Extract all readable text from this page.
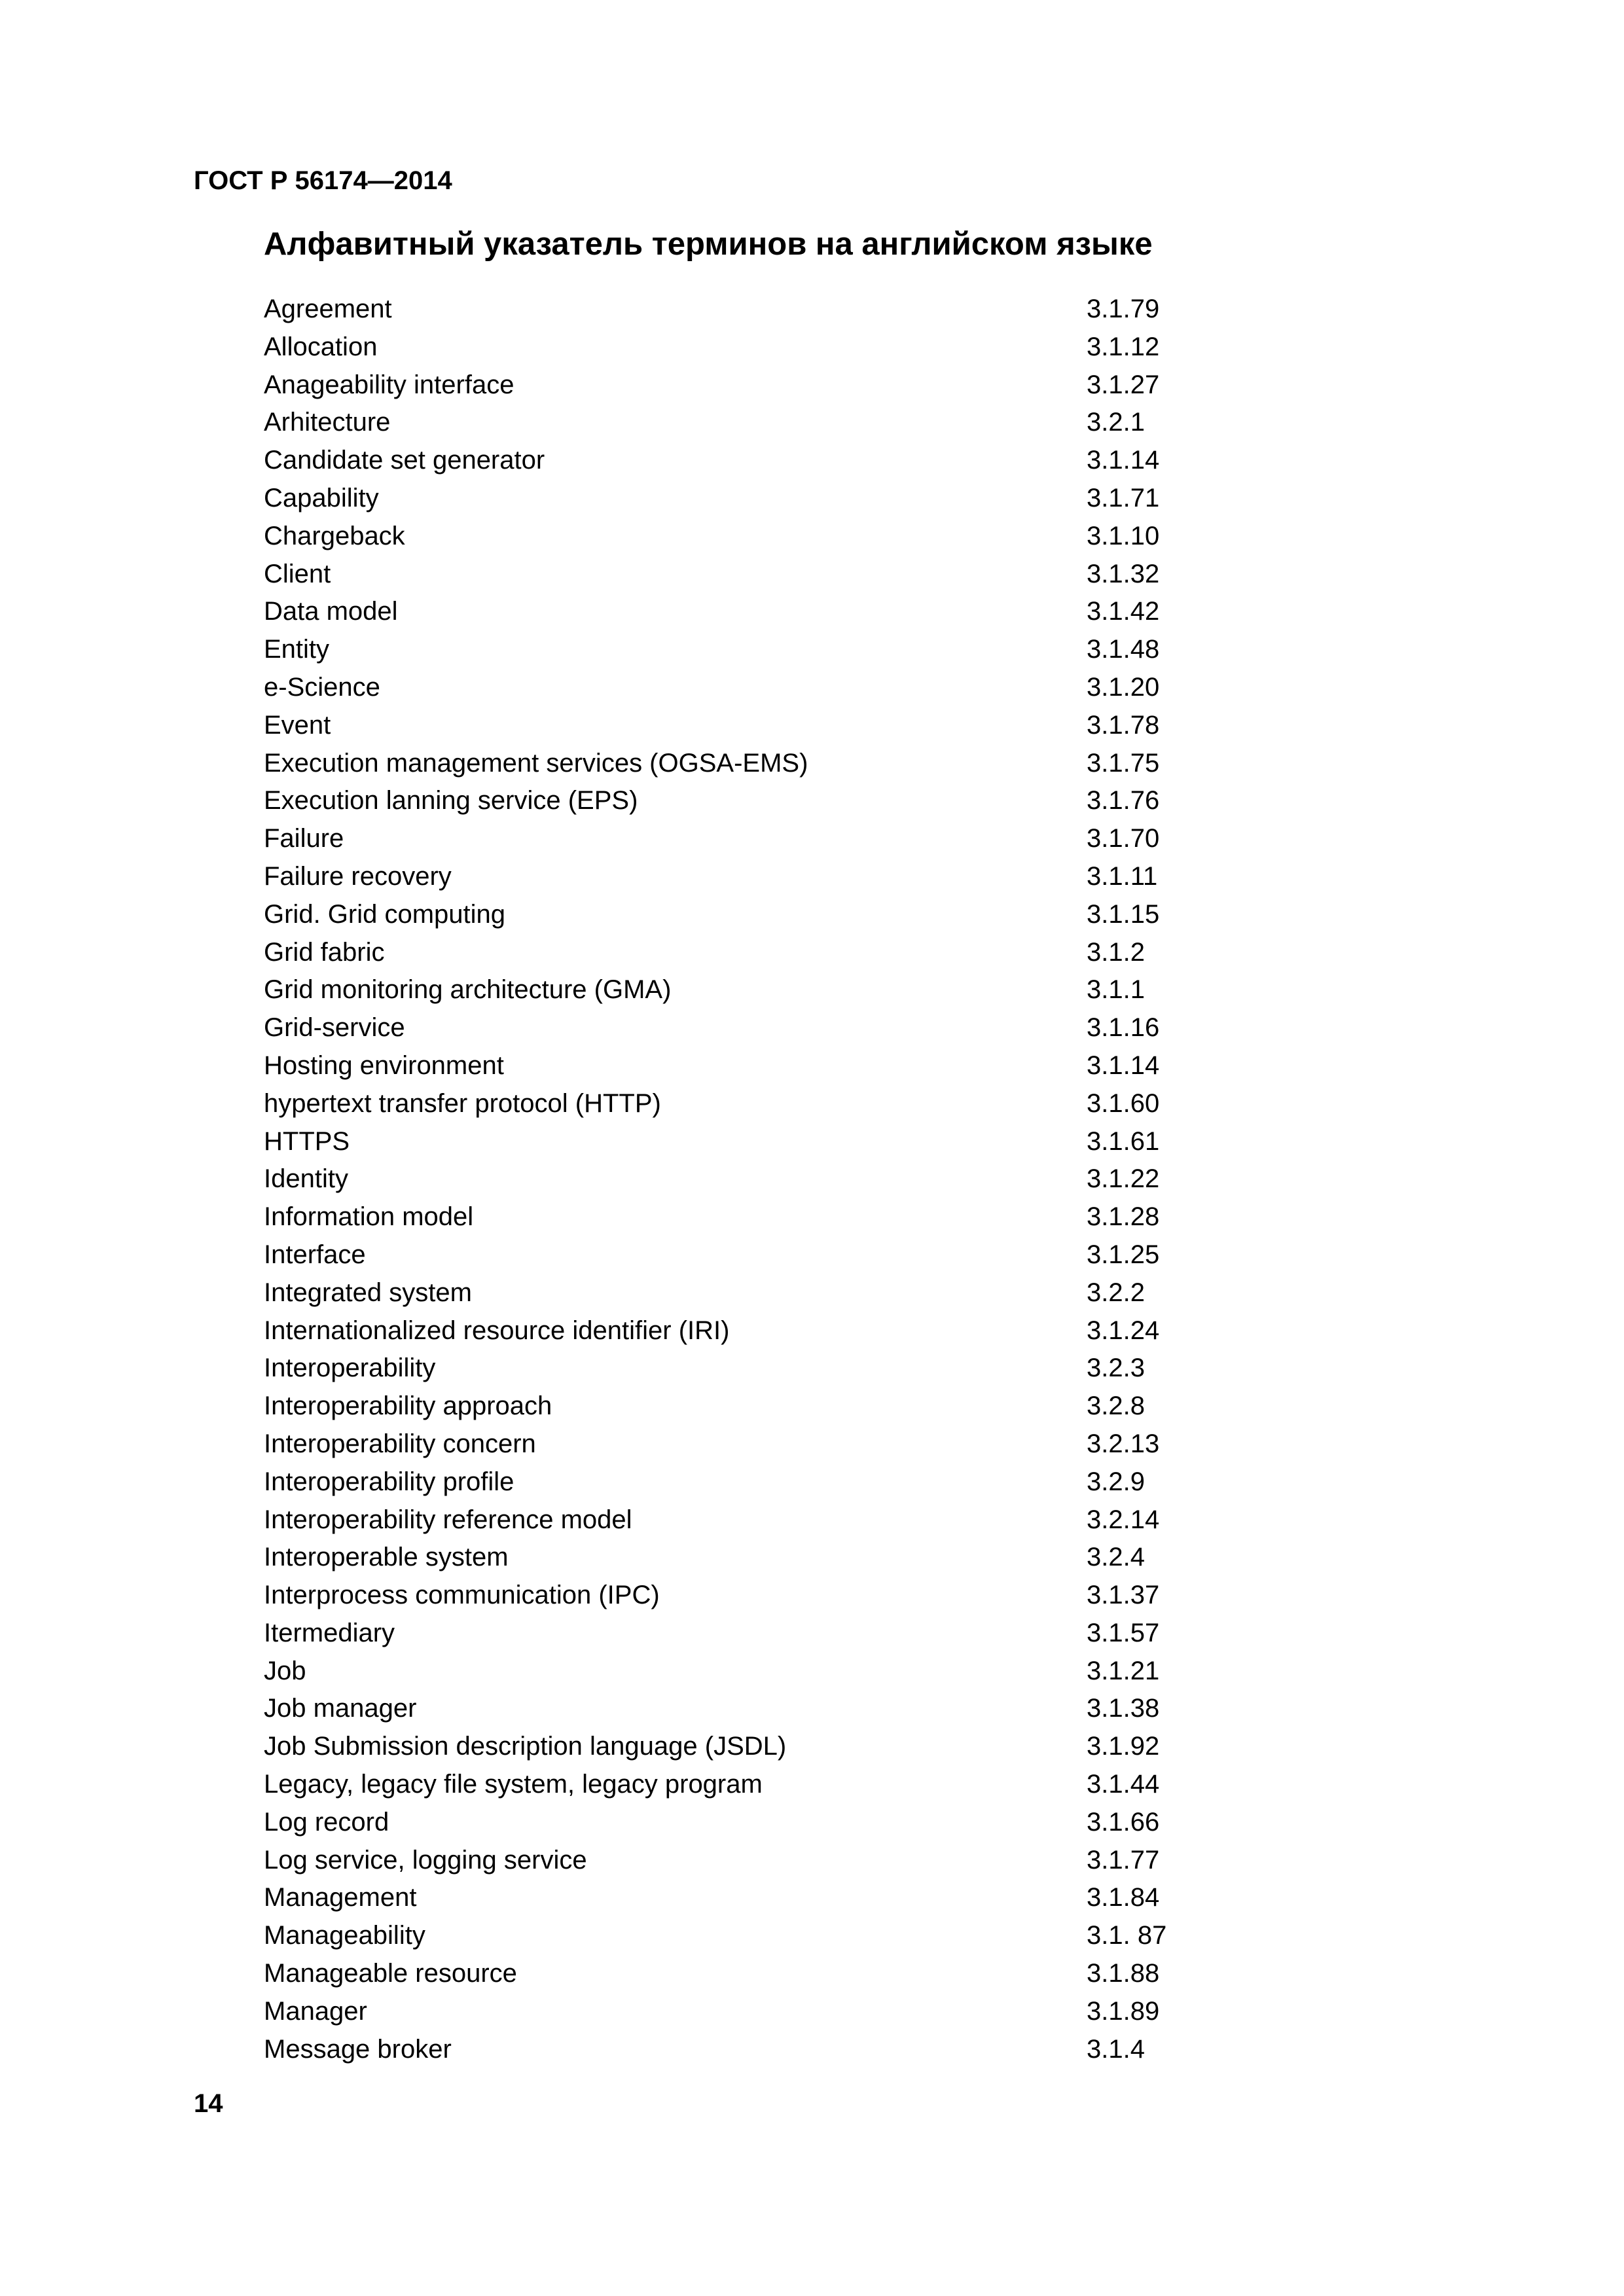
ГОСТ Р 56174—2014
Алфавитный указатель терминов на английском языке
Agreement	3.1.79
Allocation	3.1.12
Anageability interface	3.1.27
Arhitecture	3.2.1
Candidate set generator	3.1.14
Capability	3.1.71
Chargeback	3.1.10
Client	3.1.32
Data model	3.1.42
Entity	3.1.48
e-Science	3.1.20
Event	3.1.78
Execution management services (OGSA-EMS)	3.1.75
Execution lanning service (EPS)	3.1.76
Failure	3.1.70
Failure recovery	3.1.11
Grid. Grid computing	3.1.15
Grid fabric	3.1.2
Grid monitoring architecture (GMA)	3.1.1
Grid-service	3.1.16
Hosting environment	3.1.14
hypertext transfer protocol (HTTP)	3.1.60
HTTPS	3.1.61
Identity	3.1.22
Information model	3.1.28
Interface	3.1.25
Integrated system	3.2.2
Internationalized resource identifier (IRI)	3.1.24
Interoperability	3.2.3
Interoperability approach	3.2.8
Interoperability concern	3.2.13
Interoperability profile	3.2.9
Interoperability reference model	3.2.14
Interoperable system	3.2.4
Interprocess communication (IPC)	3.1.37
Itermediary	3.1.57
Job	3.1.21
Job manager	3.1.38
Job Submission description language (JSDL)	3.1.92
Legacy, legacy file system, legacy program	3.1.44
Log record	3.1.66
Log service, logging service	3.1.77
Management	3.1.84
Manageability	3.1. 87
Manageable resource	3.1.88
Manager	3.1.89
Message broker	3.1.4
14
